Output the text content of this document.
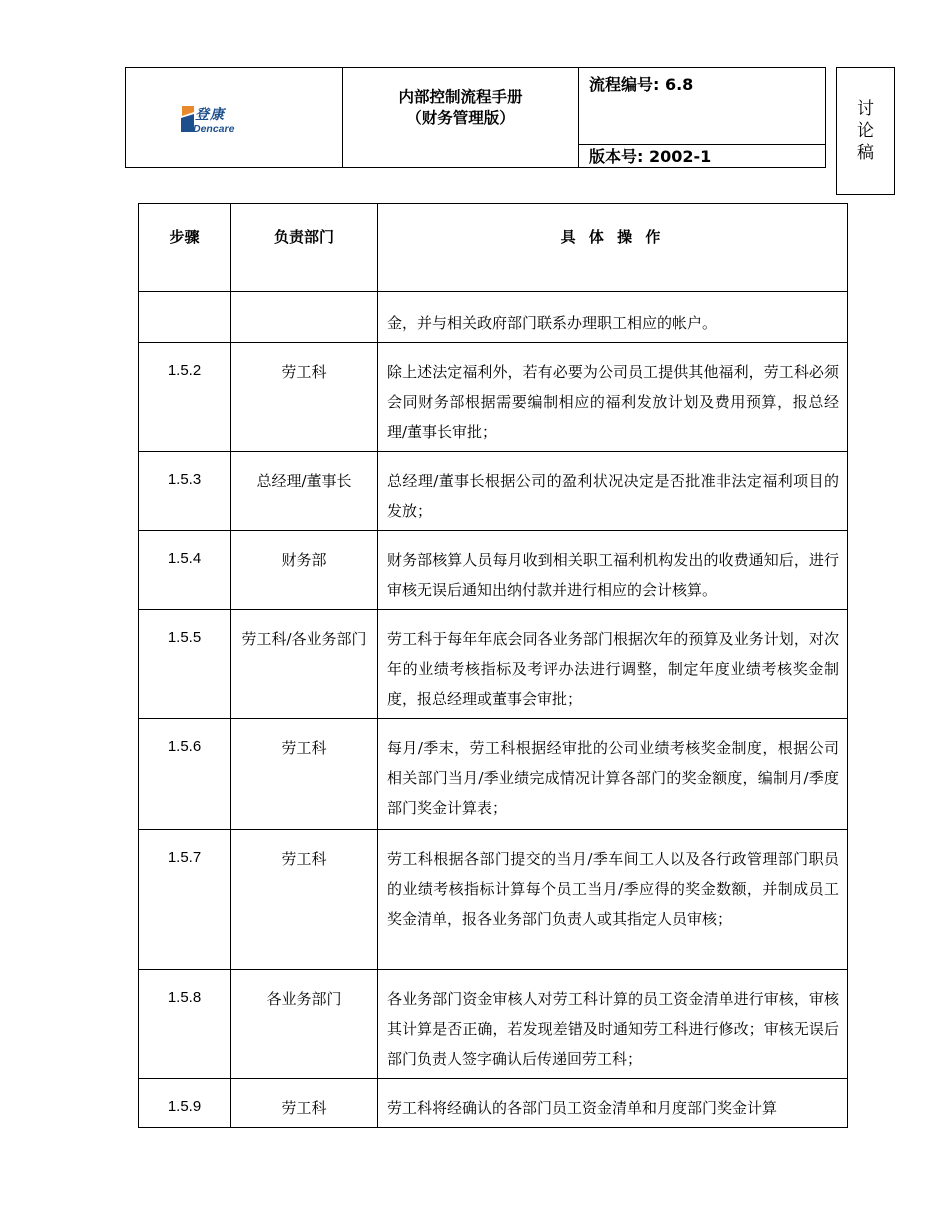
登康
Dencare
内部控制流程手册
（财务管理版）
流程编号: 6.8
版本号: 2002-1
讨
论
稿
步骤	负责部门	具 体 操 作
		金，并与相关政府部门联系办理职工相应的帐户。
1.5.2	劳工科	除上述法定福利外，若有必要为公司员工提供其他福利，劳工科必须会同财务部根据需要编制相应的福利发放计划及费用预算，报总经理/董事长审批；
1.5.3	总经理/董事长	总经理/董事长根据公司的盈利状况决定是否批准非法定福利项目的发放；
1.5.4	财务部	财务部核算人员每月收到相关职工福利机构发出的收费通知后，进行审核无误后通知出纳付款并进行相应的会计核算。
1.5.5	劳工科/各业务部门	劳工科于每年年底会同各业务部门根据次年的预算及业务计划，对次年的业绩考核指标及考评办法进行调整，制定年度业绩考核奖金制度，报总经理或董事会审批；
1.5.6	劳工科	每月/季末，劳工科根据经审批的公司业绩考核奖金制度，根据公司相关部门当月/季业绩完成情况计算各部门的奖金额度，编制月/季度部门奖金计算表；
1.5.7	劳工科	劳工科根据各部门提交的当月/季车间工人以及各行政管理部门职员的业绩考核指标计算每个员工当月/季应得的奖金数额，并制成员工奖金清单，报各业务部门负责人或其指定人员审核；
1.5.8	各业务部门	各业务部门资金审核人对劳工科计算的员工资金清单进行审核，审核其计算是否正确，若发现差错及时通知劳工科进行修改；审核无误后部门负责人签字确认后传递回劳工科；
1.5.9	劳工科	劳工科将经确认的各部门员工资金清单和月度部门奖金计算
